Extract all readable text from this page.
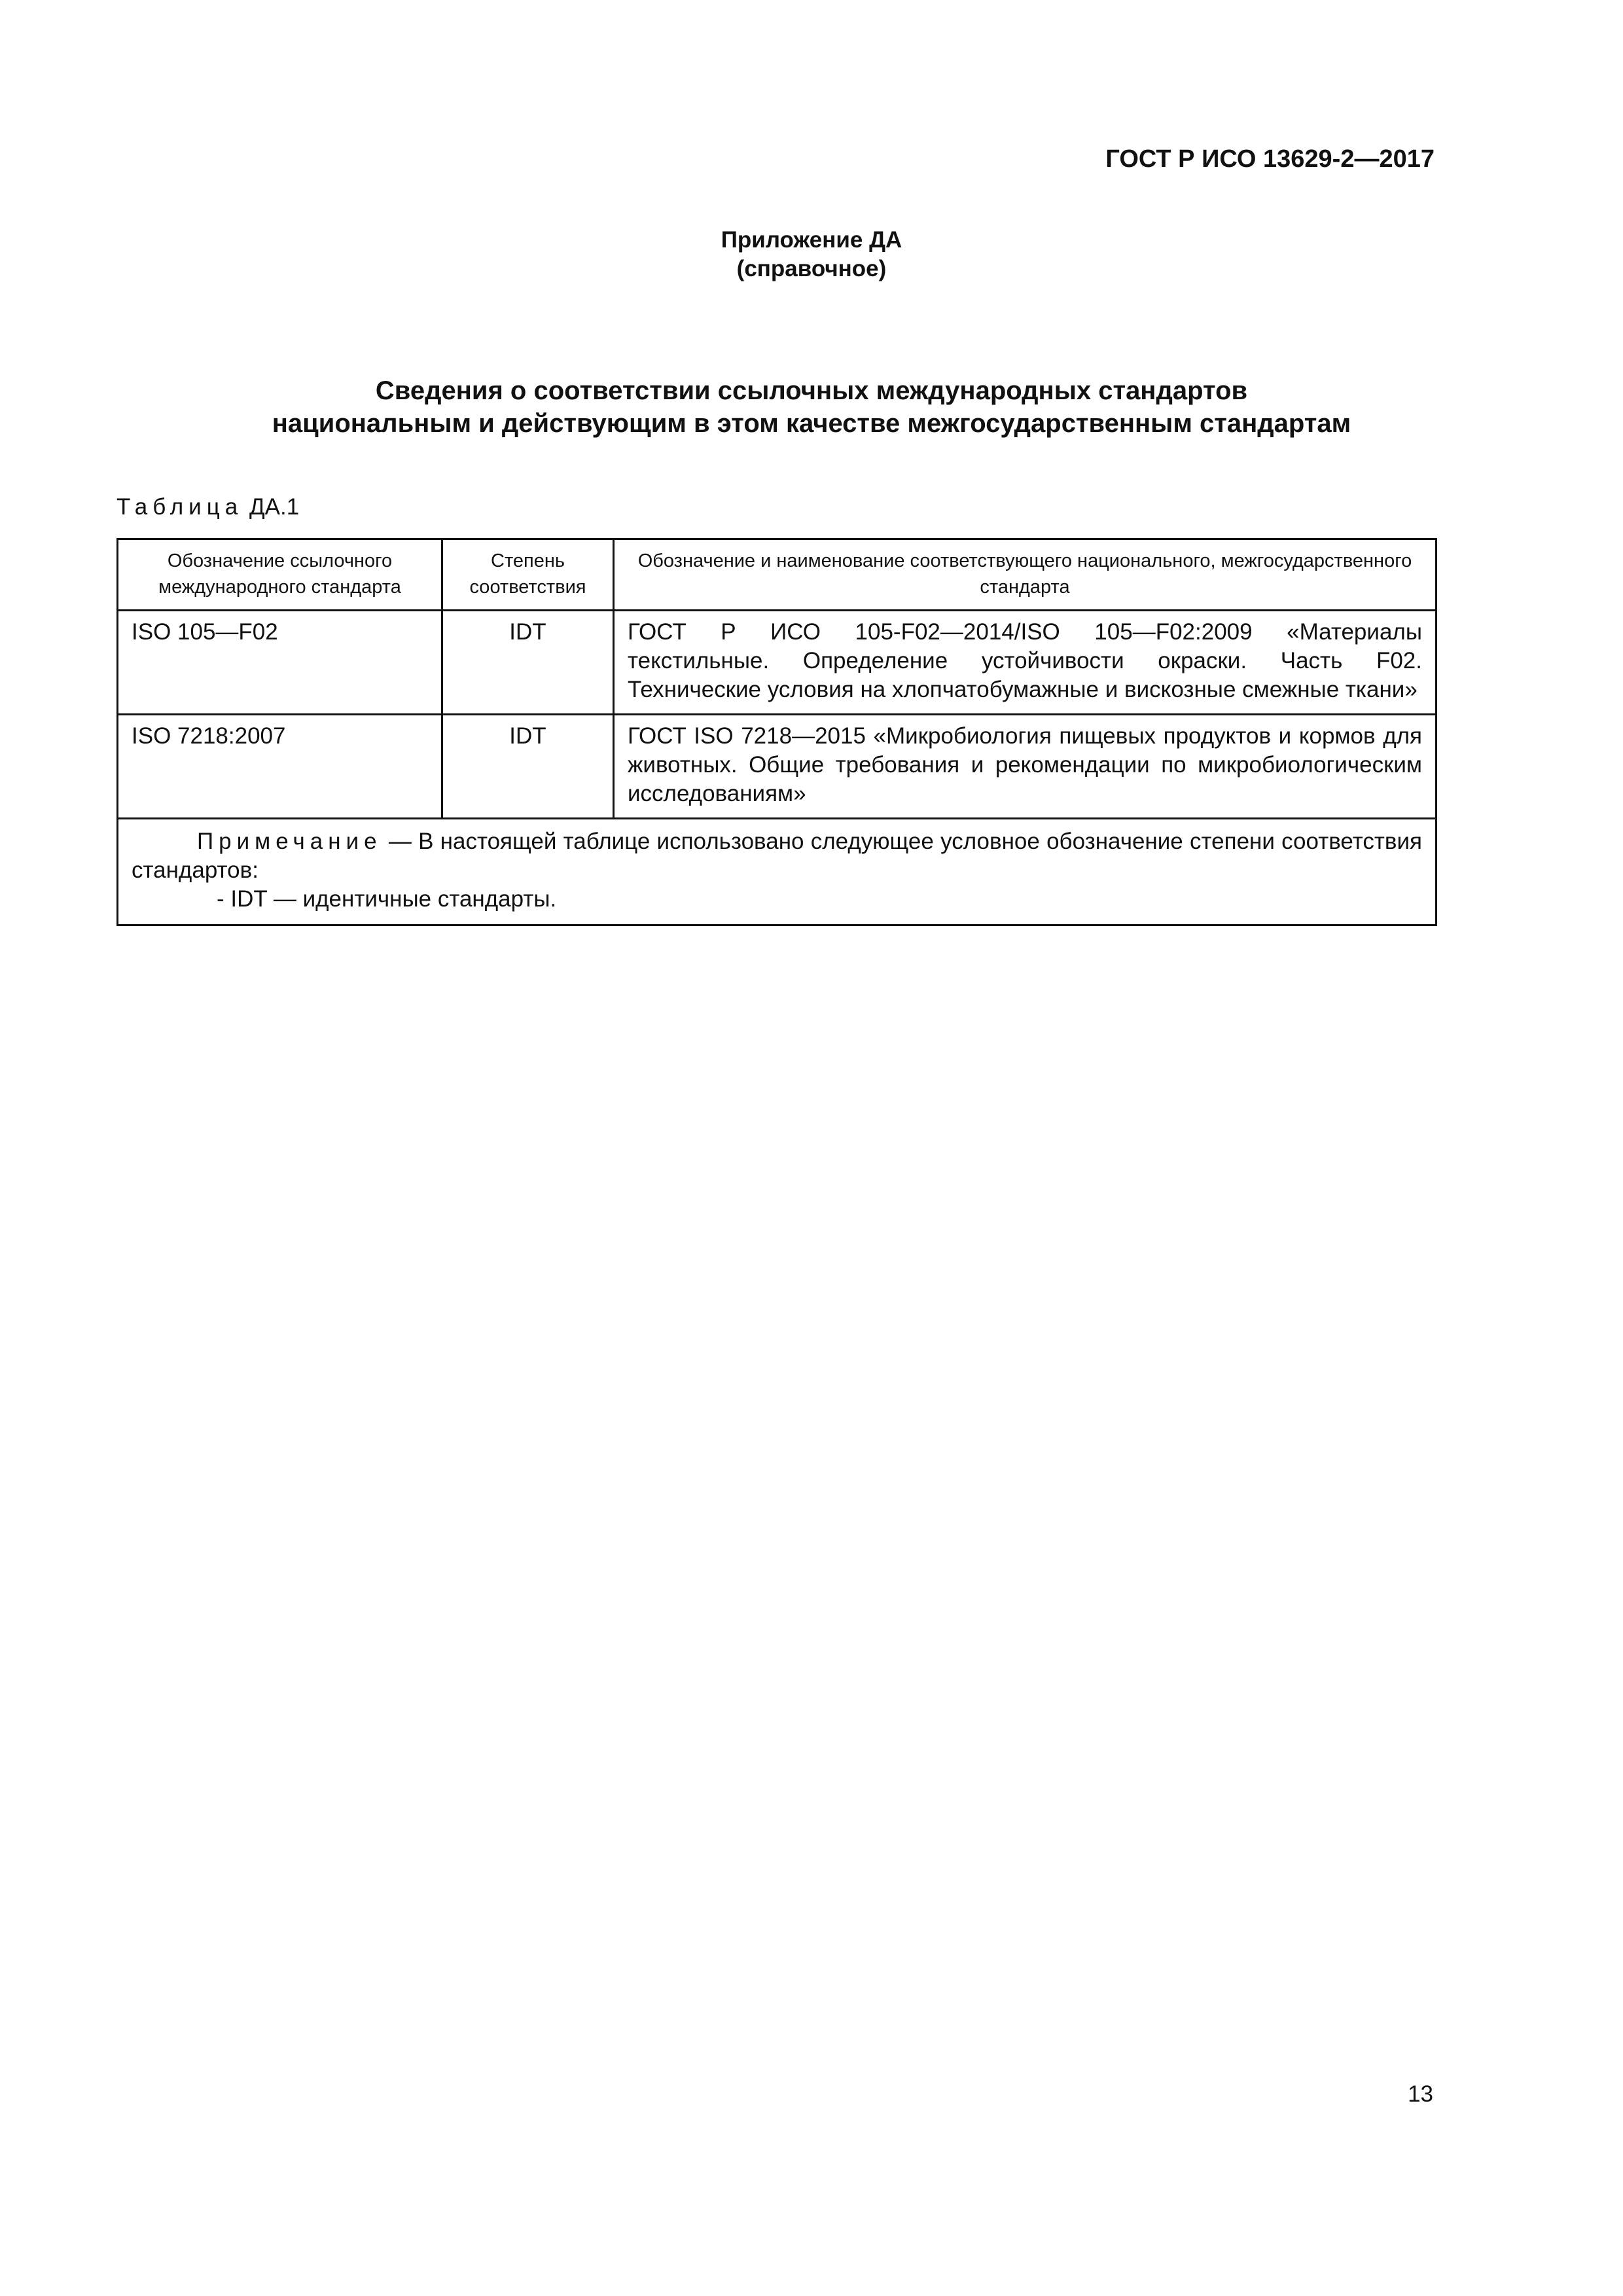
ГОСТ Р ИСО 13629-2—2017
Приложение ДА
(справочное)
Сведения о соответствии ссылочных международных стандартов
национальным и действующим в этом качестве межгосударственным стандартам
Таблица ДА.1
Обозначение ссылочного международного стандарта	Степень соответствия	Обозначение и наименование соответствующего национального, межгосударственного стандарта
ISO 105—F02	IDT	ГОСТ Р ИСО 105-F02—2014/ISO 105—F02:2009 «Материалы текстильные. Определение устойчивости окраски. Часть F02. Технические условия на хлопчатобумажные и вискозные смежные ткани»
ISO 7218:2007	IDT	ГОСТ ISO 7218—2015 «Микробиология пищевых продуктов и кормов для животных. Общие требования и рекомендации по микробиологическим исследованиям»
Примечание — В настоящей таблице использовано следующее условное обозначение степени соответствия стандартов:
- IDT — идентичные стандарты.		
13
